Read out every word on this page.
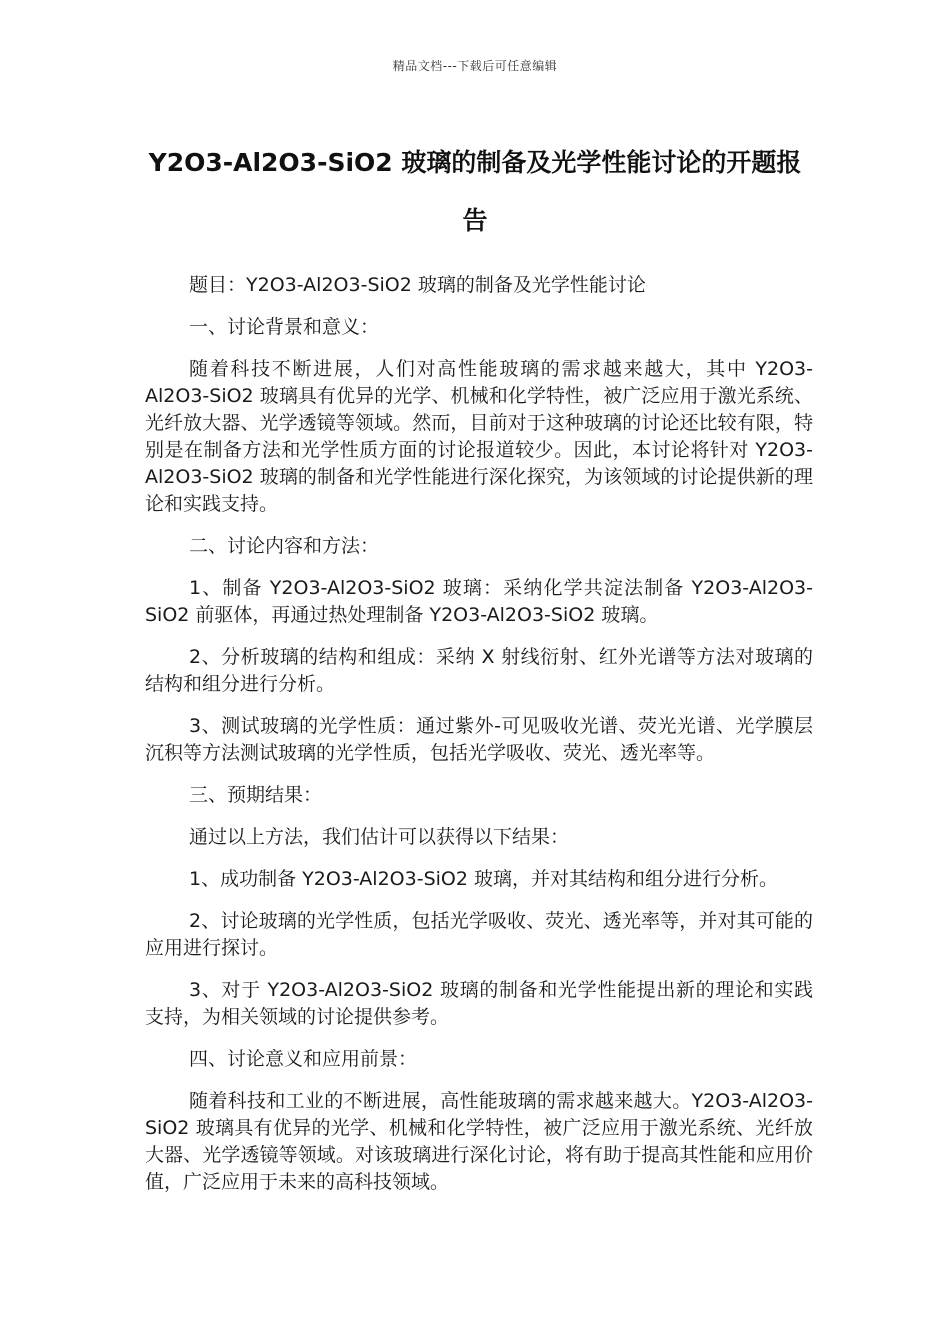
精品文档---下载后可任意编辑
Y2O3-Al2O3-SiO2 玻璃的制备及光学性能讨论的开题报告

题目：Y2O3-Al2O3-SiO2 玻璃的制备及光学性能讨论

一、讨论背景和意义：

随着科技不断进展，人们对高性能玻璃的需求越来越大，其中 Y2O3-Al2O3-SiO2 玻璃具有优异的光学、机械和化学特性，被广泛应用于激光系统、光纤放大器、光学透镜等领域。然而，目前对于这种玻璃的讨论还比较有限，特别是在制备方法和光学性质方面的讨论报道较少。因此，本讨论将针对 Y2O3-Al2O3-SiO2 玻璃的制备和光学性能进行深化探究，为该领域的讨论提供新的理论和实践支持。

二、讨论内容和方法：

1、制备 Y2O3-Al2O3-SiO2 玻璃：采纳化学共淀法制备 Y2O3-Al2O3-SiO2 前驱体，再通过热处理制备 Y2O3-Al2O3-SiO2 玻璃。

2、分析玻璃的结构和组成：采纳 X 射线衍射、红外光谱等方法对玻璃的结构和组分进行分析。

3、测试玻璃的光学性质：通过紫外-可见吸收光谱、荧光光谱、光学膜层沉积等方法测试玻璃的光学性质，包括光学吸收、荧光、透光率等。

三、预期结果：

通过以上方法，我们估计可以获得以下结果：

1、成功制备 Y2O3-Al2O3-SiO2 玻璃，并对其结构和组分进行分析。

2、讨论玻璃的光学性质，包括光学吸收、荧光、透光率等，并对其可能的应用进行探讨。

3、对于 Y2O3-Al2O3-SiO2 玻璃的制备和光学性能提出新的理论和实践支持，为相关领域的讨论提供参考。

四、讨论意义和应用前景：

随着科技和工业的不断进展，高性能玻璃的需求越来越大。Y2O3-Al2O3-SiO2 玻璃具有优异的光学、机械和化学特性，被广泛应用于激光系统、光纤放大器、光学透镜等领域。对该玻璃进行深化讨论，将有助于提高其性能和应用价值，广泛应用于未来的高科技领域。
